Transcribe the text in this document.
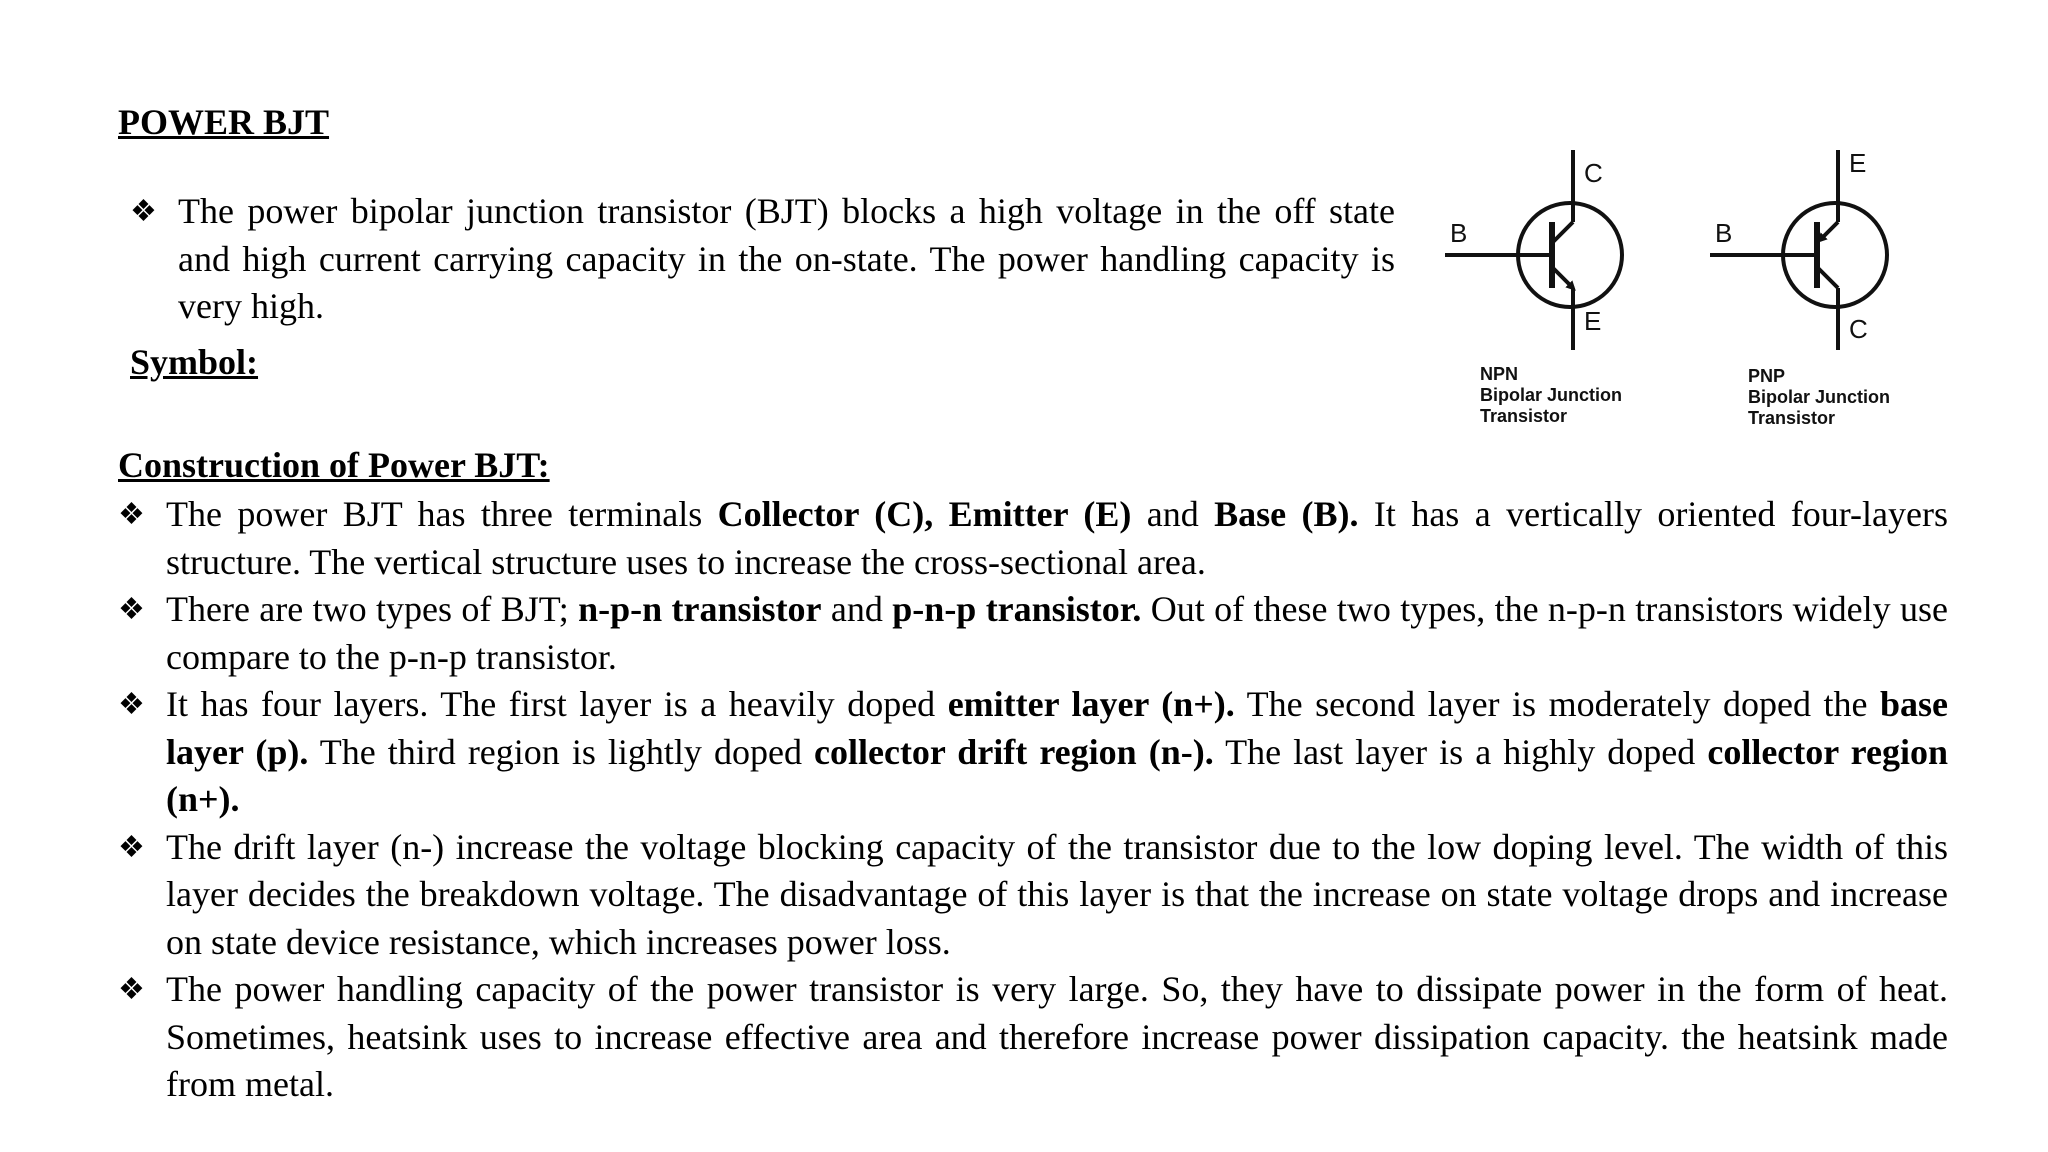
POWER BJT
❖ The power bipolar junction transistor (BJT) blocks a high voltage in the off state and high current carrying capacity in the on-state. The power handling capacity is very high.
Symbol:
C
B
E
E
B
C
NPN
Bipolar Junction
Transistor
PNP
Bipolar Junction
Transistor
Construction of Power BJT:
❖ The power BJT has three terminals Collector (C), Emitter (E) and Base (B). It has a vertically oriented four-layers structure. The vertical structure uses to increase the cross-sectional area.
❖ There are two types of BJT; n-p-n transistor and p-n-p transistor. Out of these two types, the n-p-n transistors widely use compare to the p-n-p transistor.
❖ It has four layers. The first layer is a heavily doped emitter layer (n+). The second layer is moderately doped the base layer (p). The third region is lightly doped collector drift region (n-). The last layer is a highly doped collector region (n+).
❖ The drift layer (n-) increase the voltage blocking capacity of the transistor due to the low doping level. The width of this layer decides the breakdown voltage. The disadvantage of this layer is that the increase on state voltage drops and increase on state device resistance, which increases power loss.
❖ The power handling capacity of the power transistor is very large. So, they have to dissipate power in the form of heat. Sometimes, heatsink uses to increase effective area and therefore increase power dissipation capacity. the heatsink made from metal.
